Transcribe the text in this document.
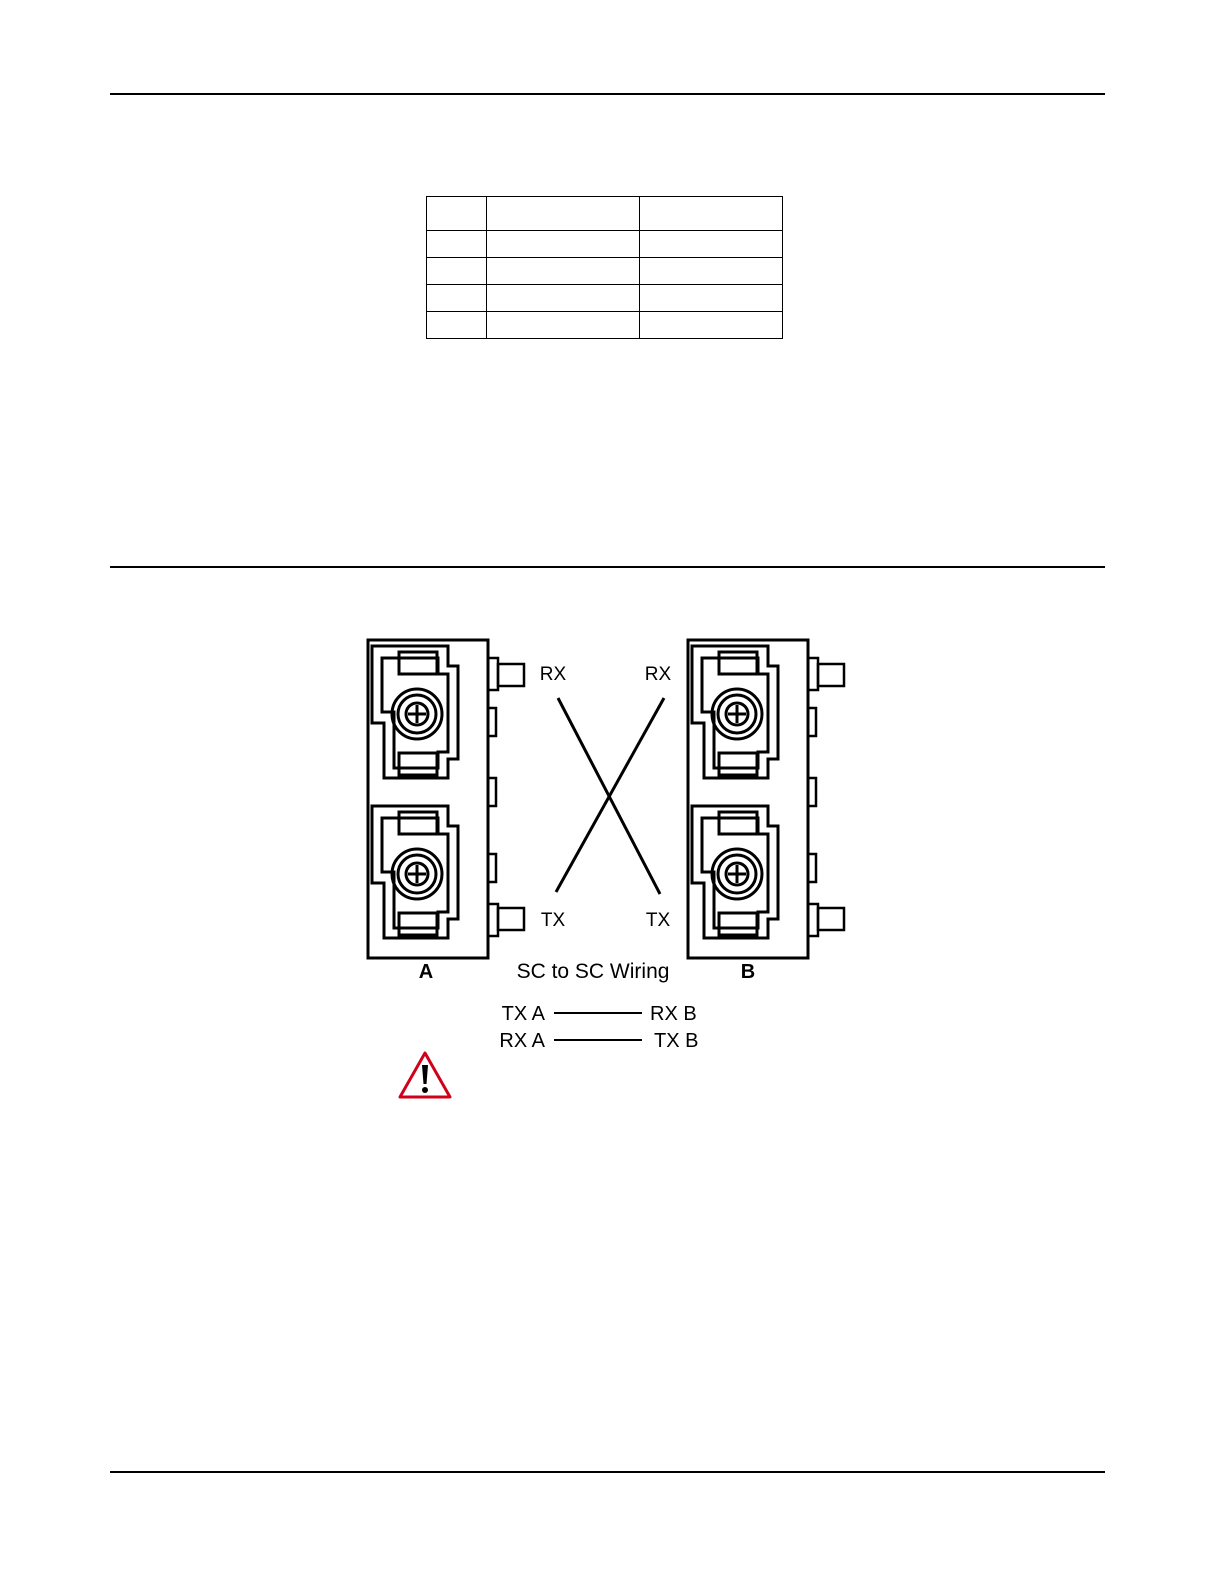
RX	RX
TX	TX
A	SC to SC Wiring	B
TX A	RX B
RX A	TX B
